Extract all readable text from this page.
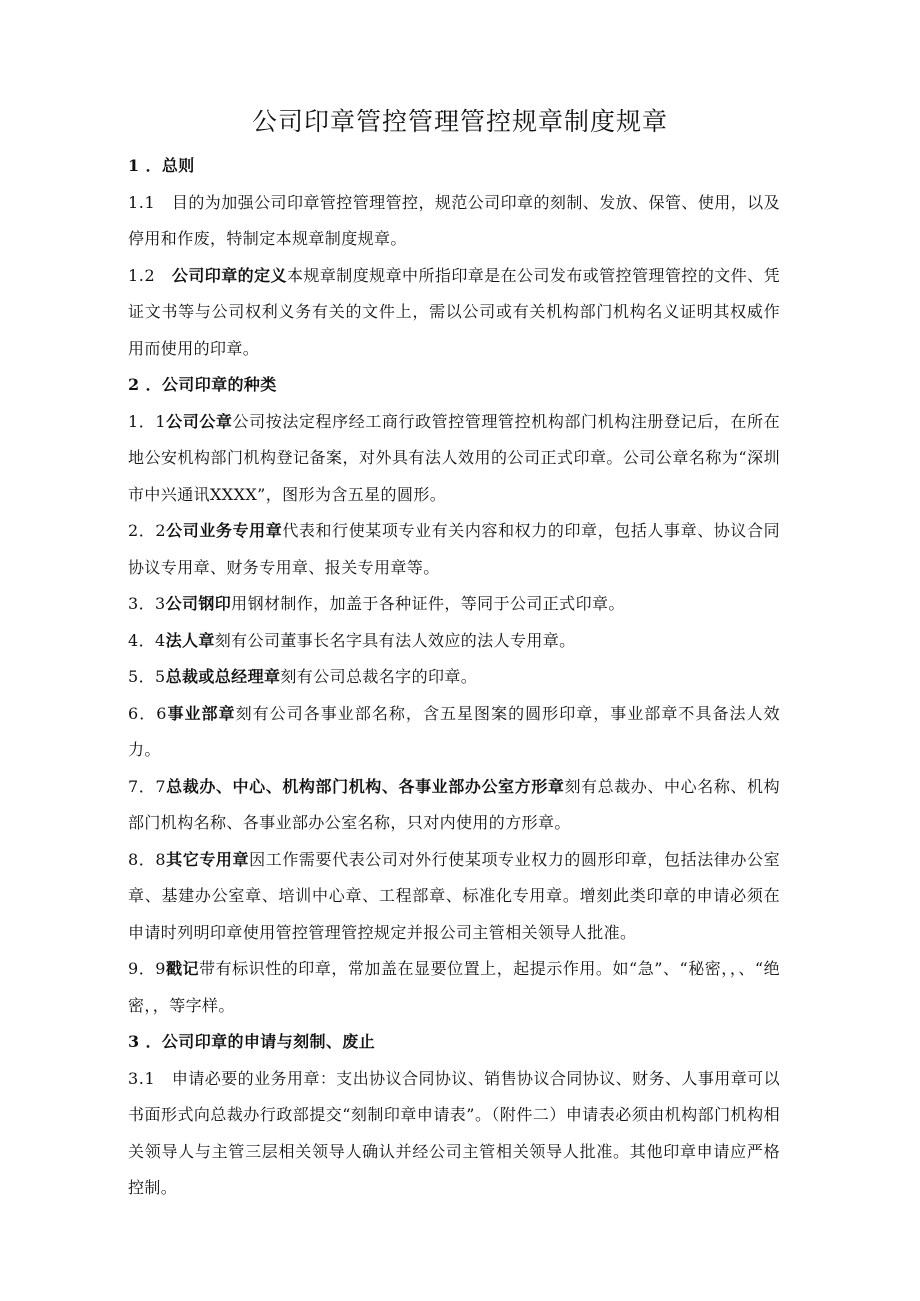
公司印章管控管理管控规章制度规章

1 ．总则

1.1　目的为加强公司印章管控管理管控，规范公司印章的刻制、发放、保管、使用，以及停用和作废，特制定本规章制度规章。

1.2　公司印章的定义本规章制度规章中所指印章是在公司发布或管控管理管控的文件、凭证文书等与公司权利义务有关的文件上，需以公司或有关机构部门机构名义证明其权威作用而使用的印章。

2 ．公司印章的种类

1．1公司公章公司按法定程序经工商行政管控管理管控机构部门机构注册登记后，在所在地公安机构部门机构登记备案，对外具有法人效用的公司正式印章。公司公章名称为“深圳市中兴通讯XXXX”，图形为含五星的圆形。

2．2公司业务专用章代表和行使某项专业有关内容和权力的印章，包括人事章、协议合同协议专用章、财务专用章、报关专用章等。

3．3公司钢印用钢材制作，加盖于各种证件，等同于公司正式印章。

4．4法人章刻有公司董事长名字具有法人效应的法人专用章。

5．5总裁或总经理章刻有公司总裁名字的印章。

6．6事业部章刻有公司各事业部名称，含五星图案的圆形印章，事业部章不具备法人效力。

7．7总裁办、中心、机构部门机构、各事业部办公室方形章刻有总裁办、中心名称、机构部门机构名称、各事业部办公室名称，只对内使用的方形章。

8．8其它专用章因工作需要代表公司对外行使某项专业权力的圆形印章，包括法律办公室章、基建办公室章、培训中心章、工程部章、标准化专用章。增刻此类印章的申请必须在申请时列明印章使用管控管理管控规定并报公司主管相关领导人批准。

9．9戳记带有标识性的印章，常加盖在显要位置上，起提示作用。如“急”、“秘密，，、“绝密，，等字样。

3 ．公司印章的申请与刻制、废止

3.1　申请必要的业务用章：支出协议合同协议、销售协议合同协议、财务、人事用章可以书面形式向总裁办行政部提交“刻制印章申请表”。（附件二）申请表必须由机构部门机构相关领导人与主管三层相关领导人确认并经公司主管相关领导人批准。其他印章申请应严格控制。
